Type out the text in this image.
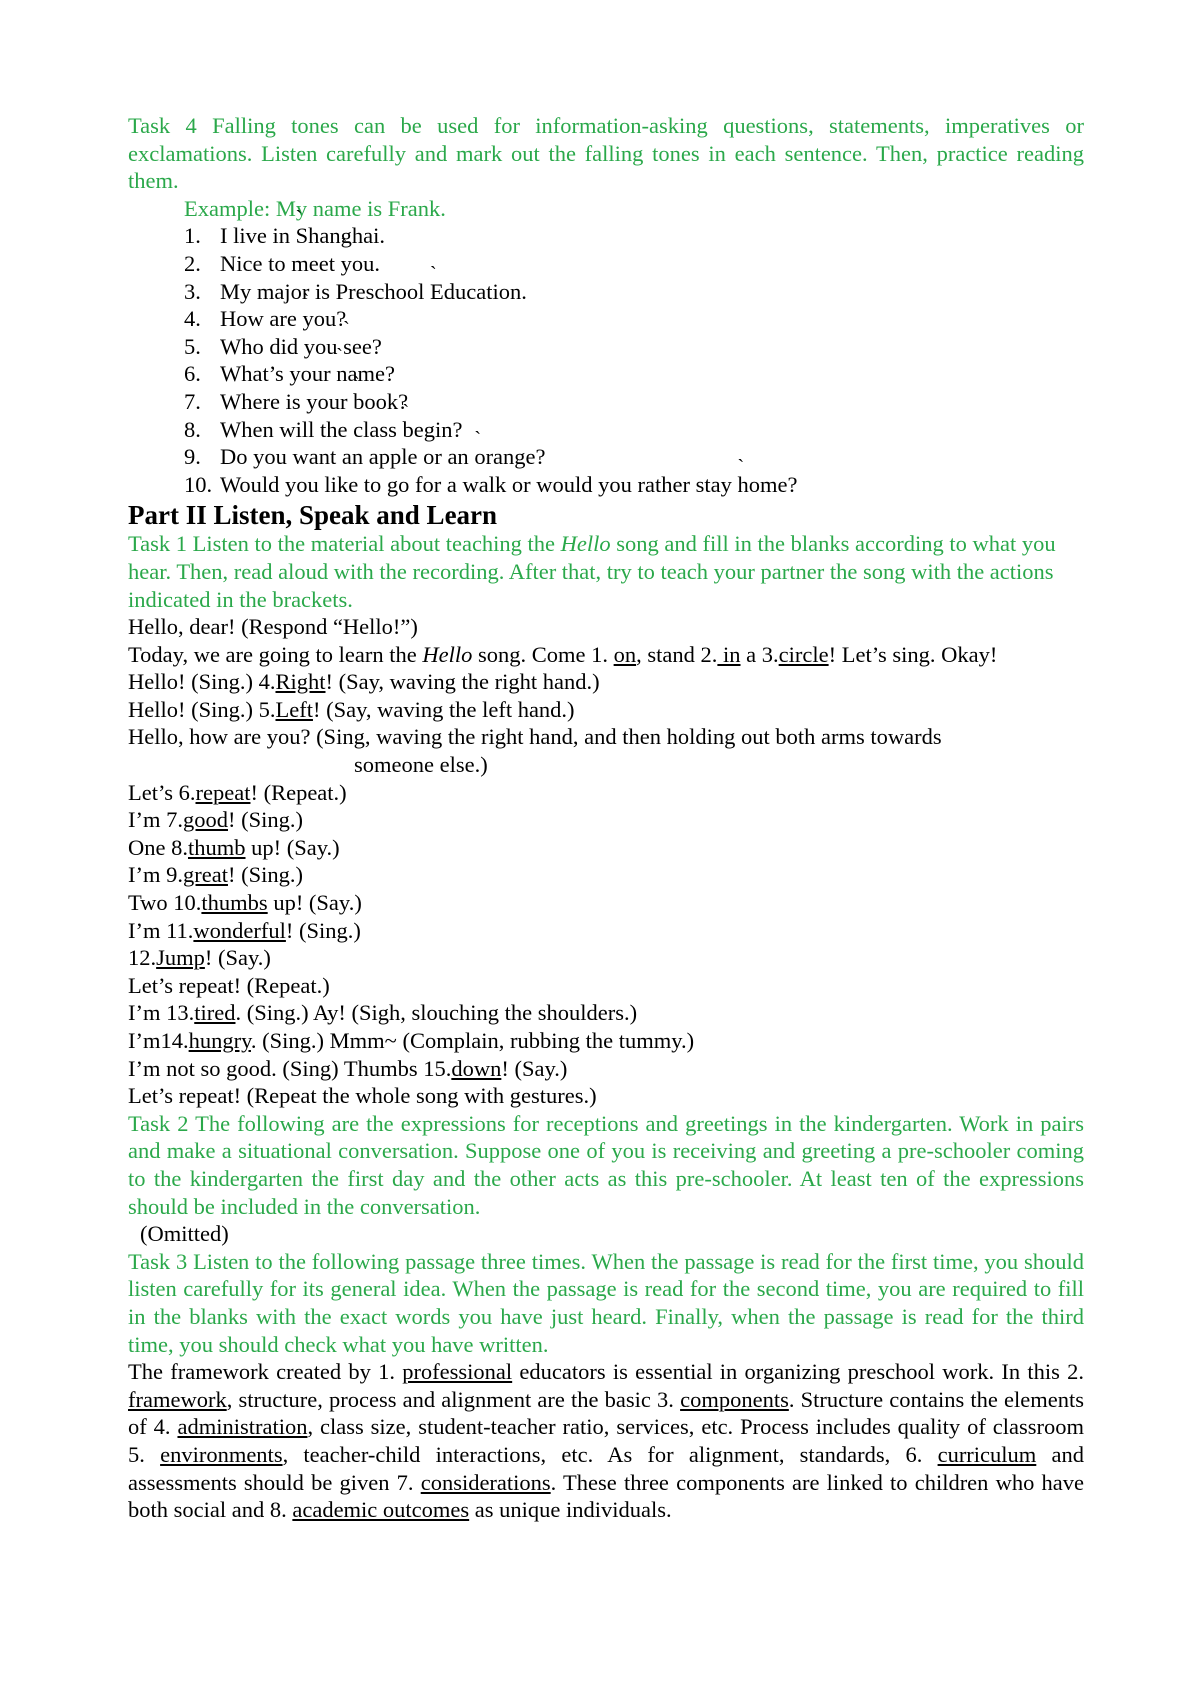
Task 4 Falling tones can be used for information-asking questions, statements, imperatives or exclamations. Listen carefully and mark out the falling tones in each sentence. Then, practice reading them.

Example: My name is Frank.

1. I live in ` Shanghai.
2. Nice to meet ` you.
3. My major is Preschool ` Education.
4. How are ` you?
5. Who did you ` see?
6. What’s your ` name?
7. Where is your ` book?
8. When will the class ` begin?
9. Do you want an apple or an ` orange?
10. Would you like to go for a walk or would you rather stay ` home?

Part II Listen, Speak and Learn

Task 1 Listen to the material about teaching the Hello song and fill in the blanks according to what you hear. Then, read aloud with the recording. After that, try to teach your partner the song with the actions indicated in the brackets.

Hello, dear! (Respond “Hello!”)

Today, we are going to learn the Hello song. Come 1. on, stand 2. in a 3.circle! Let’s sing. Okay!

Hello! (Sing.) 4.Right! (Say, waving the right hand.)

Hello! (Sing.) 5.Left! (Say, waving the left hand.)

Hello, how are you? (Sing, waving the right hand, and then holding out both arms towards

someone else.)

Let’s 6.repeat! (Repeat.)

I’m 7.good! (Sing.)

One 8.thumb up! (Say.)

I’m 9.great! (Sing.)

Two 10.thumbs up! (Say.)

I’m 11.wonderful! (Sing.)

12.Jump! (Say.)

Let’s repeat! (Repeat.)

I’m 13.tired. (Sing.) Ay! (Sigh, slouching the shoulders.)

I’m14.hungry. (Sing.) Mmm~ (Complain, rubbing the tummy.)

I’m not so good. (Sing) Thumbs 15.down! (Say.)

Let’s repeat! (Repeat the whole song with gestures.)

Task 2 The following are the expressions for receptions and greetings in the kindergarten. Work in pairs and make a situational conversation. Suppose one of you is receiving and greeting a pre-schooler coming to the kindergarten the first day and the other acts as this pre-schooler. At least ten of the expressions should be included in the conversation.

(Omitted)

Task 3 Listen to the following passage three times. When the passage is read for the first time, you should listen carefully for its general idea. When the passage is read for the second time, you are required to fill in the blanks with the exact words you have just heard. Finally, when the passage is read for the third time, you should check what you have written.

The framework created by 1. professional educators is essential in organizing preschool work. In this 2. framework, structure, process and alignment are the basic 3. components. Structure contains the elements of 4. administration, class size, student-teacher ratio, services, etc. Process includes quality of classroom 5. environments, teacher-child interactions, etc. As for alignment, standards, 6. curriculum and assessments should be given 7. considerations. These three components are linked to children who have both social and 8. academic outcomes as unique individuals.
